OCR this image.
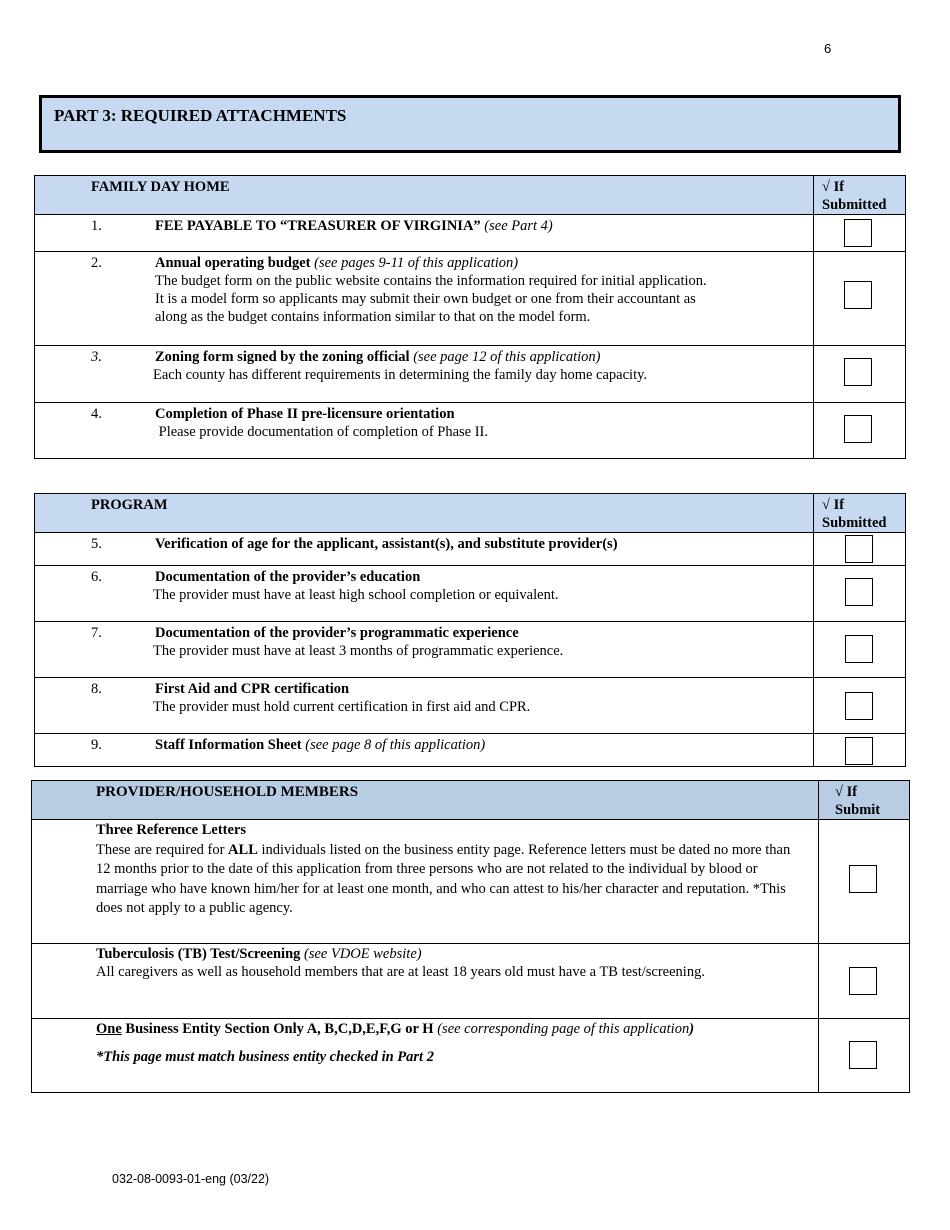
6
PART 3: REQUIRED ATTACHMENTS
FAMILY DAY HOME	√ If
Submitted

1. FEE PAYABLE TO “TREASURER OF VIRGINIA” (see Part 4)	

2. Annual operating budget (see pages 9-11 of this application)
The budget form on the public website contains the information required for initial application.
It is a model form so applicants may submit their own budget or one from their accountant as
along as the budget contains information similar to that on the model form.	

3. Zoning form signed by the zoning official (see page 12 of this application)
Each county has different requirements in determining the family day home capacity.	

4. Completion of Phase II pre-licensure orientation
Please provide documentation of completion of Phase II.	

PROGRAM	√ If
Submitted

5. Verification of age for the applicant, assistant(s), and substitute provider(s)	

6. Documentation of the provider’s education
The provider must have at least high school completion or equivalent.	

7. Documentation of the provider’s programmatic experience
The provider must have at least 3 months of programmatic experience.	

8. First Aid and CPR certification
The provider must hold current certification in first aid and CPR.	

9. Staff Information Sheet (see page 8 of this application)	

PROVIDER/HOUSEHOLD MEMBERS	√ If
Submit

Three Reference Letters
These are required for ALL individuals listed on the business entity page. Reference letters must be dated no more than 12 months prior to the date of this application from three persons who are not related to the individual by blood or marriage who have known him/her for at least one month, and who can attest to his/her character and reputation. *This does not apply to a public agency.	

Tuberculosis (TB) Test/Screening (see VDOE website)
All caregivers as well as household members that are at least 18 years old must have a TB test/screening.	

One Business Entity Section Only A, B,C,D,E,F,G or H (see corresponding page of this application)

*This page must match business entity checked in Part 2	

032-08-0093-01-eng (03/22)
